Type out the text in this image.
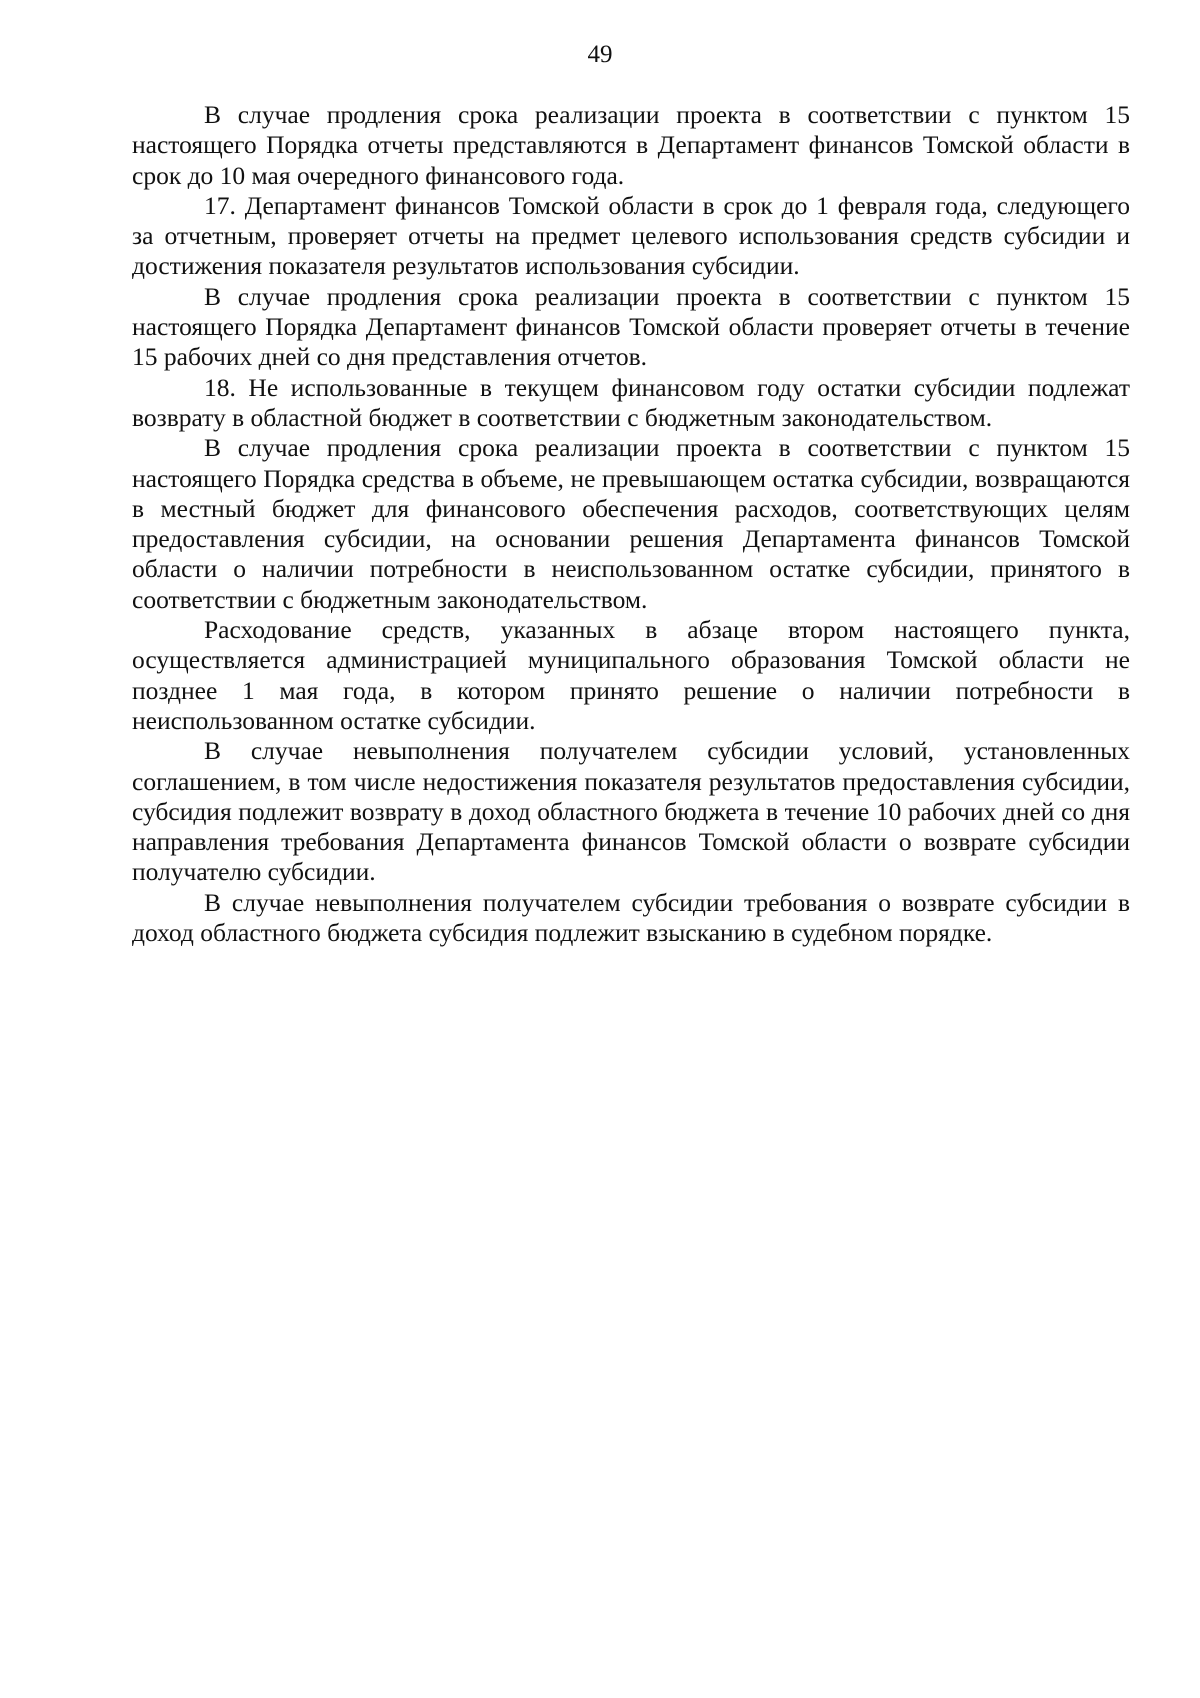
49

В случае продления срока реализации проекта в соответствии с пунктом 15 настоящего Порядка отчеты представляются в Департамент финансов Томской области в срок до 10 мая очередного финансового года.

17. Департамент финансов Томской области в срок до 1 февраля года, следующего за отчетным, проверяет отчеты на предмет целевого использования средств субсидии и достижения показателя результатов использования субсидии.

В случае продления срока реализации проекта в соответствии с пунктом 15 настоящего Порядка Департамент финансов Томской области проверяет отчеты в течение 15 рабочих дней со дня представления отчетов.

18. Не использованные в текущем финансовом году остатки субсидии подлежат возврату в областной бюджет в соответствии с бюджетным законодательством.

В случае продления срока реализации проекта в соответствии с пунктом 15 настоящего Порядка средства в объеме, не превышающем остатка субсидии, возвращаются в местный бюджет для финансового обеспечения расходов, соответствующих целям предоставления субсидии, на основании решения Департамента финансов Томской области о наличии потребности в неиспользованном остатке субсидии, принятого в соответствии с бюджетным законодательством.

Расходование средств, указанных в абзаце втором настоящего пункта, осуществляется администрацией муниципального образования Томской области не позднее 1 мая года, в котором принято решение о наличии потребности в неиспользованном остатке субсидии.

В случае невыполнения получателем субсидии условий, установленных соглашением, в том числе недостижения показателя результатов предоставления субсидии, субсидия подлежит возврату в доход областного бюджета в течение 10 рабочих дней со дня направления требования Департамента финансов Томской области о возврате субсидии получателю субсидии.

В случае невыполнения получателем субсидии требования о возврате субсидии в доход областного бюджета субсидия подлежит взысканию в судебном порядке.
